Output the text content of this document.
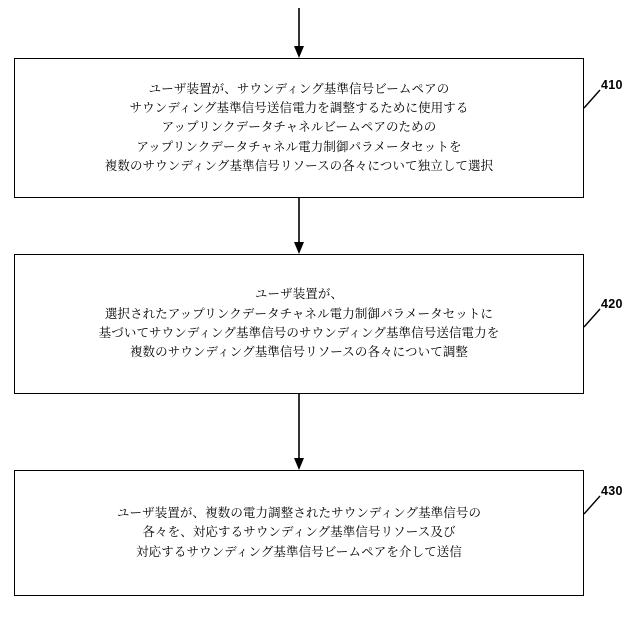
ユーザ装置が、サウンディング基準信号ビームペアの
サウンディング基準信号送信電力を調整するために使用する
アップリンクデータチャネルビームペアのための
アップリンクデータチャネル電力制御パラメータセットを
複数のサウンディング基準信号リソースの各々について独立して選択
410
ユーザ装置が、
選択されたアップリンクデータチャネル電力制御パラメータセットに
基づいてサウンディング基準信号のサウンディング基準信号送信電力を
複数のサウンディング基準信号リソースの各々について調整
420
ユーザ装置が、複数の電力調整されたサウンディング基準信号の
各々を、対応するサウンディング基準信号リソース及び
対応するサウンディング基準信号ビームペアを介して送信
430
